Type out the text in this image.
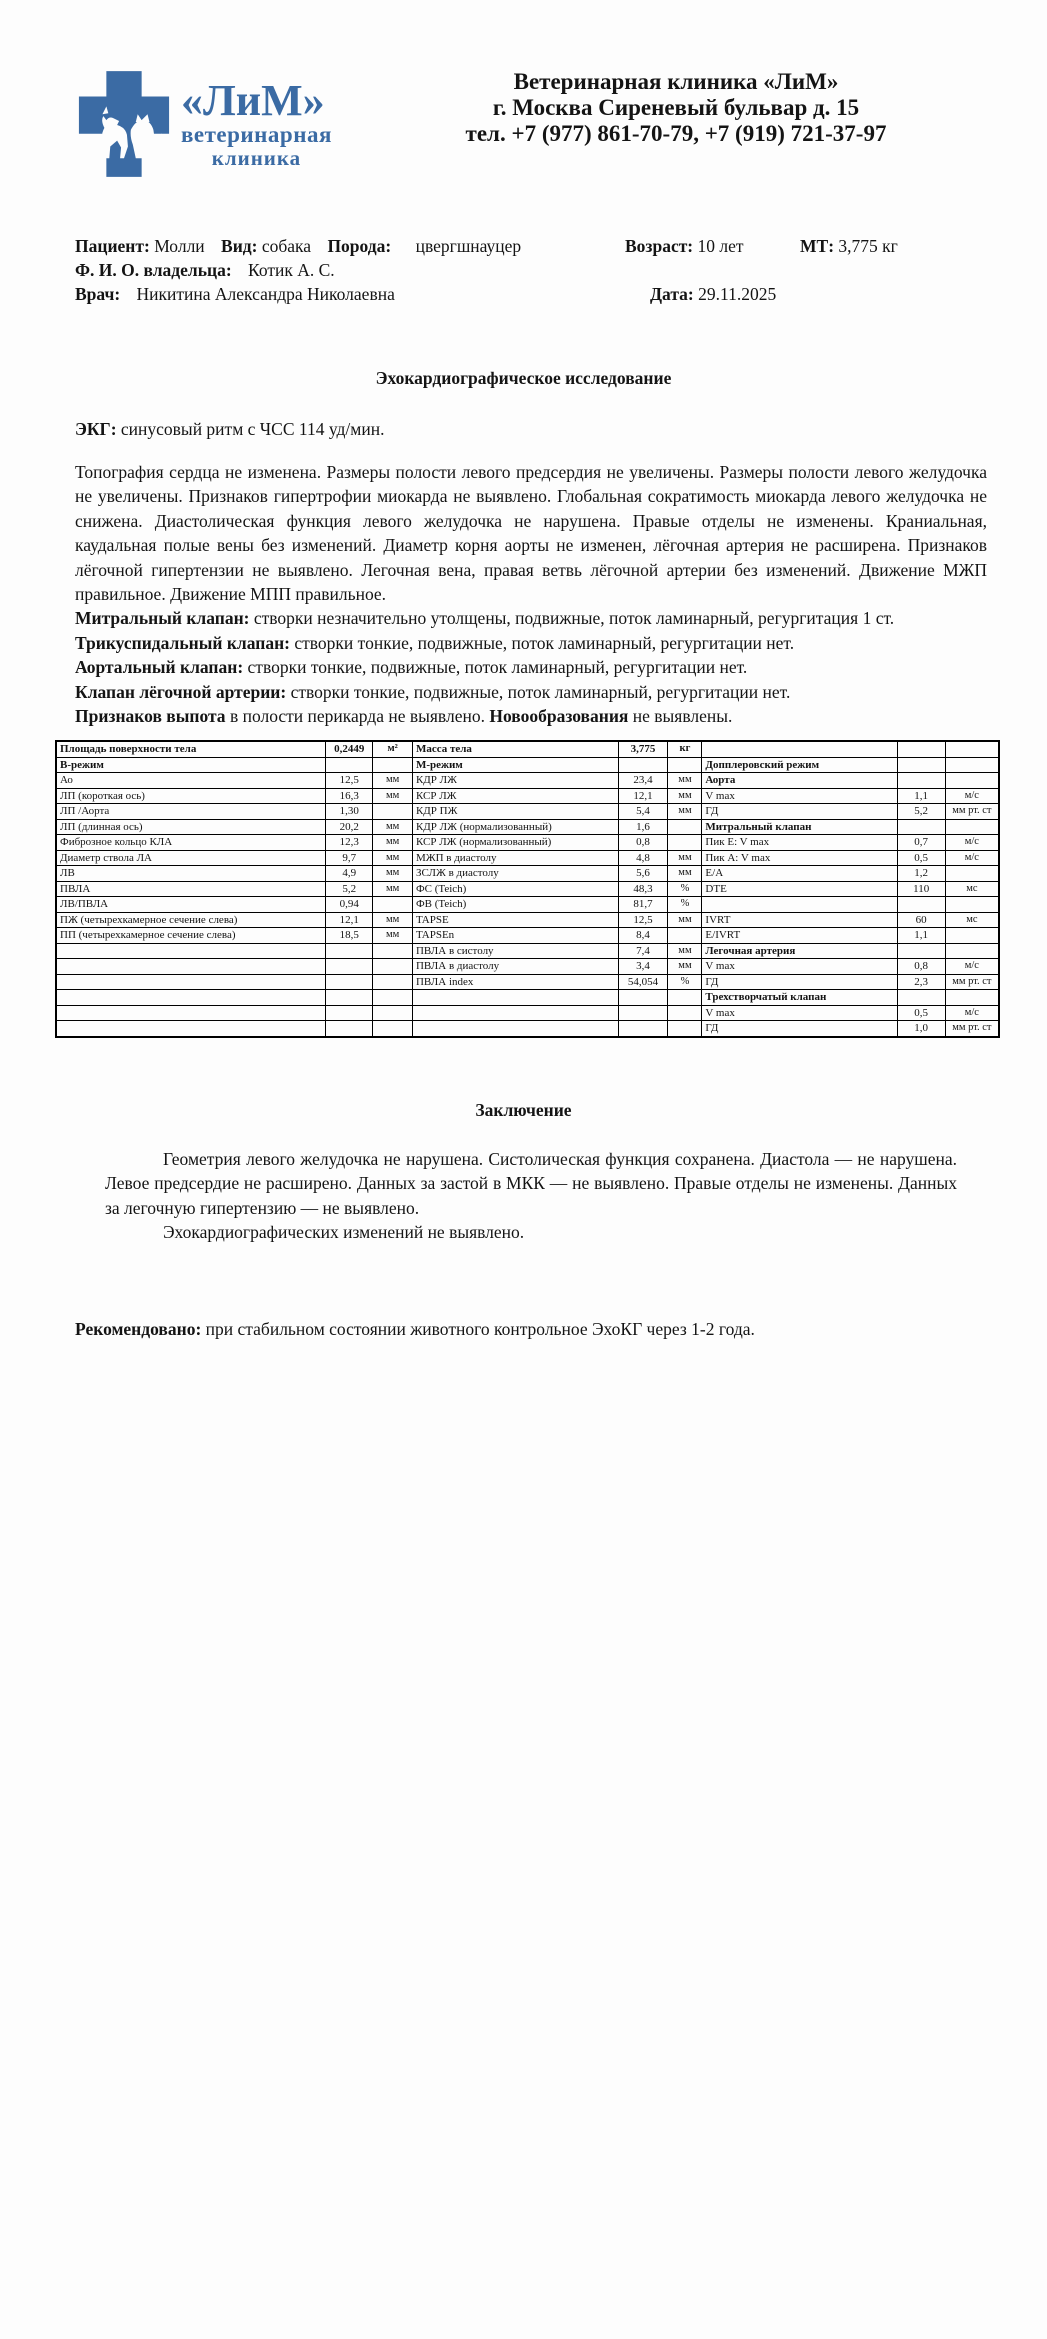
«ЛиМ»
ветеринарная
клиника
Ветеринарная клиника «ЛиМ»
г. Москва Сиреневый бульвар д. 15
тел. +7 (977) 861-70-79, +7 (919) 721-37-97
Пациент: Молли Вид: собака Порода: цвергшнауцер	Возраст: 10 лет	МТ: 3,775 кг
Ф. И. О. владельца: Котик А. С.
Врач: Никитина Александра Николаевна	Дата: 29.11.2025
Эхокардиографическое исследование
ЭКГ: синусовый ритм с ЧСС 114 уд/мин.

Топография сердца не изменена. Размеры полости левого предсердия не увеличены. Размеры полости левого желудочка не увеличены. Признаков гипертрофии миокарда не выявлено. Глобальная сократимость миокарда левого желудочка не снижена. Диастолическая функция левого желудочка не нарушена. Правые отделы не изменены. Краниальная, каудальная полые вены без изменений. Диаметр корня аорты не изменен, лёгочная артерия не расширена. Признаков лёгочной гипертензии не выявлено. Легочная вена, правая ветвь лёгочной артерии без изменений. Движение МЖП правильное. Движение МПП правильное.

Митральный клапан: створки незначительно утолщены, подвижные, поток ламинарный, регургитация 1 ст.

Трикуспидальный клапан: створки тонкие, подвижные, поток ламинарный, регургитации нет.

Аортальный клапан: створки тонкие, подвижные, поток ламинарный, регургитации нет.

Клапан лёгочной артерии: створки тонкие, подвижные, поток ламинарный, регургитации нет.

Признаков выпота в полости перикарда не выявлено. Новообразования не выявлены.

Площадь поверхности тела	0,2449	м²	Масса тела	3,775	кг			
В-режим			М-режим			Допплеровский режим		
Ао	12,5	мм	КДР ЛЖ	23,4	мм	Аорта		
ЛП (короткая ось)	16,3	мм	КСР ЛЖ	12,1	мм	V max	1,1	м/с
ЛП /Аорта	1,30		КДР ПЖ	5,4	мм	ГД	5,2	мм рт. ст
ЛП (длинная ось)	20,2	мм	КДР ЛЖ (нормализованный)	1,6		Митральный клапан		
Фиброзное кольцо КЛА	12,3	мм	КСР ЛЖ (нормализованный)	0,8		Пик E: V max	0,7	м/с
Диаметр ствола ЛА	9,7	мм	МЖП в диастолу	4,8	мм	Пик A: V max	0,5	м/с
ЛВ	4,9	мм	ЗСЛЖ в диастолу	5,6	мм	E/A	1,2	
ПВЛА	5,2	мм	ФС (Teich)	48,3	%	DTE	110	мс
ЛВ/ПВЛА	0,94		ФВ (Teich)	81,7	%			
ПЖ (четырехкамерное сечение слева)	12,1	мм	TAPSE	12,5	мм	IVRT	60	мс
ПП (четырехкамерное сечение слева)	18,5	мм	TAPSEn	8,4		E/IVRT	1,1	
			ПВЛА в систолу	7,4	мм	Легочная артерия		
			ПВЛА в диастолу	3,4	мм	V max	0,8	м/с
			ПВЛА index	54,054	%	ГД	2,3	мм рт. ст
						Трехстворчатый клапан		
						V max	0,5	м/с
						ГД	1,0	мм рт. ст
Заключение

Геометрия левого желудочка не нарушена. Систолическая функция сохранена. Диастола — не нарушена. Левое предсердие не расширено. Данных за застой в МКК — не выявлено. Правые отделы не изменены. Данных за легочную гипертензию — не выявлено.

Эхокардиографических изменений не выявлено.

Рекомендовано: при стабильном состоянии животного контрольное ЭхоКГ через 1-2 года.
